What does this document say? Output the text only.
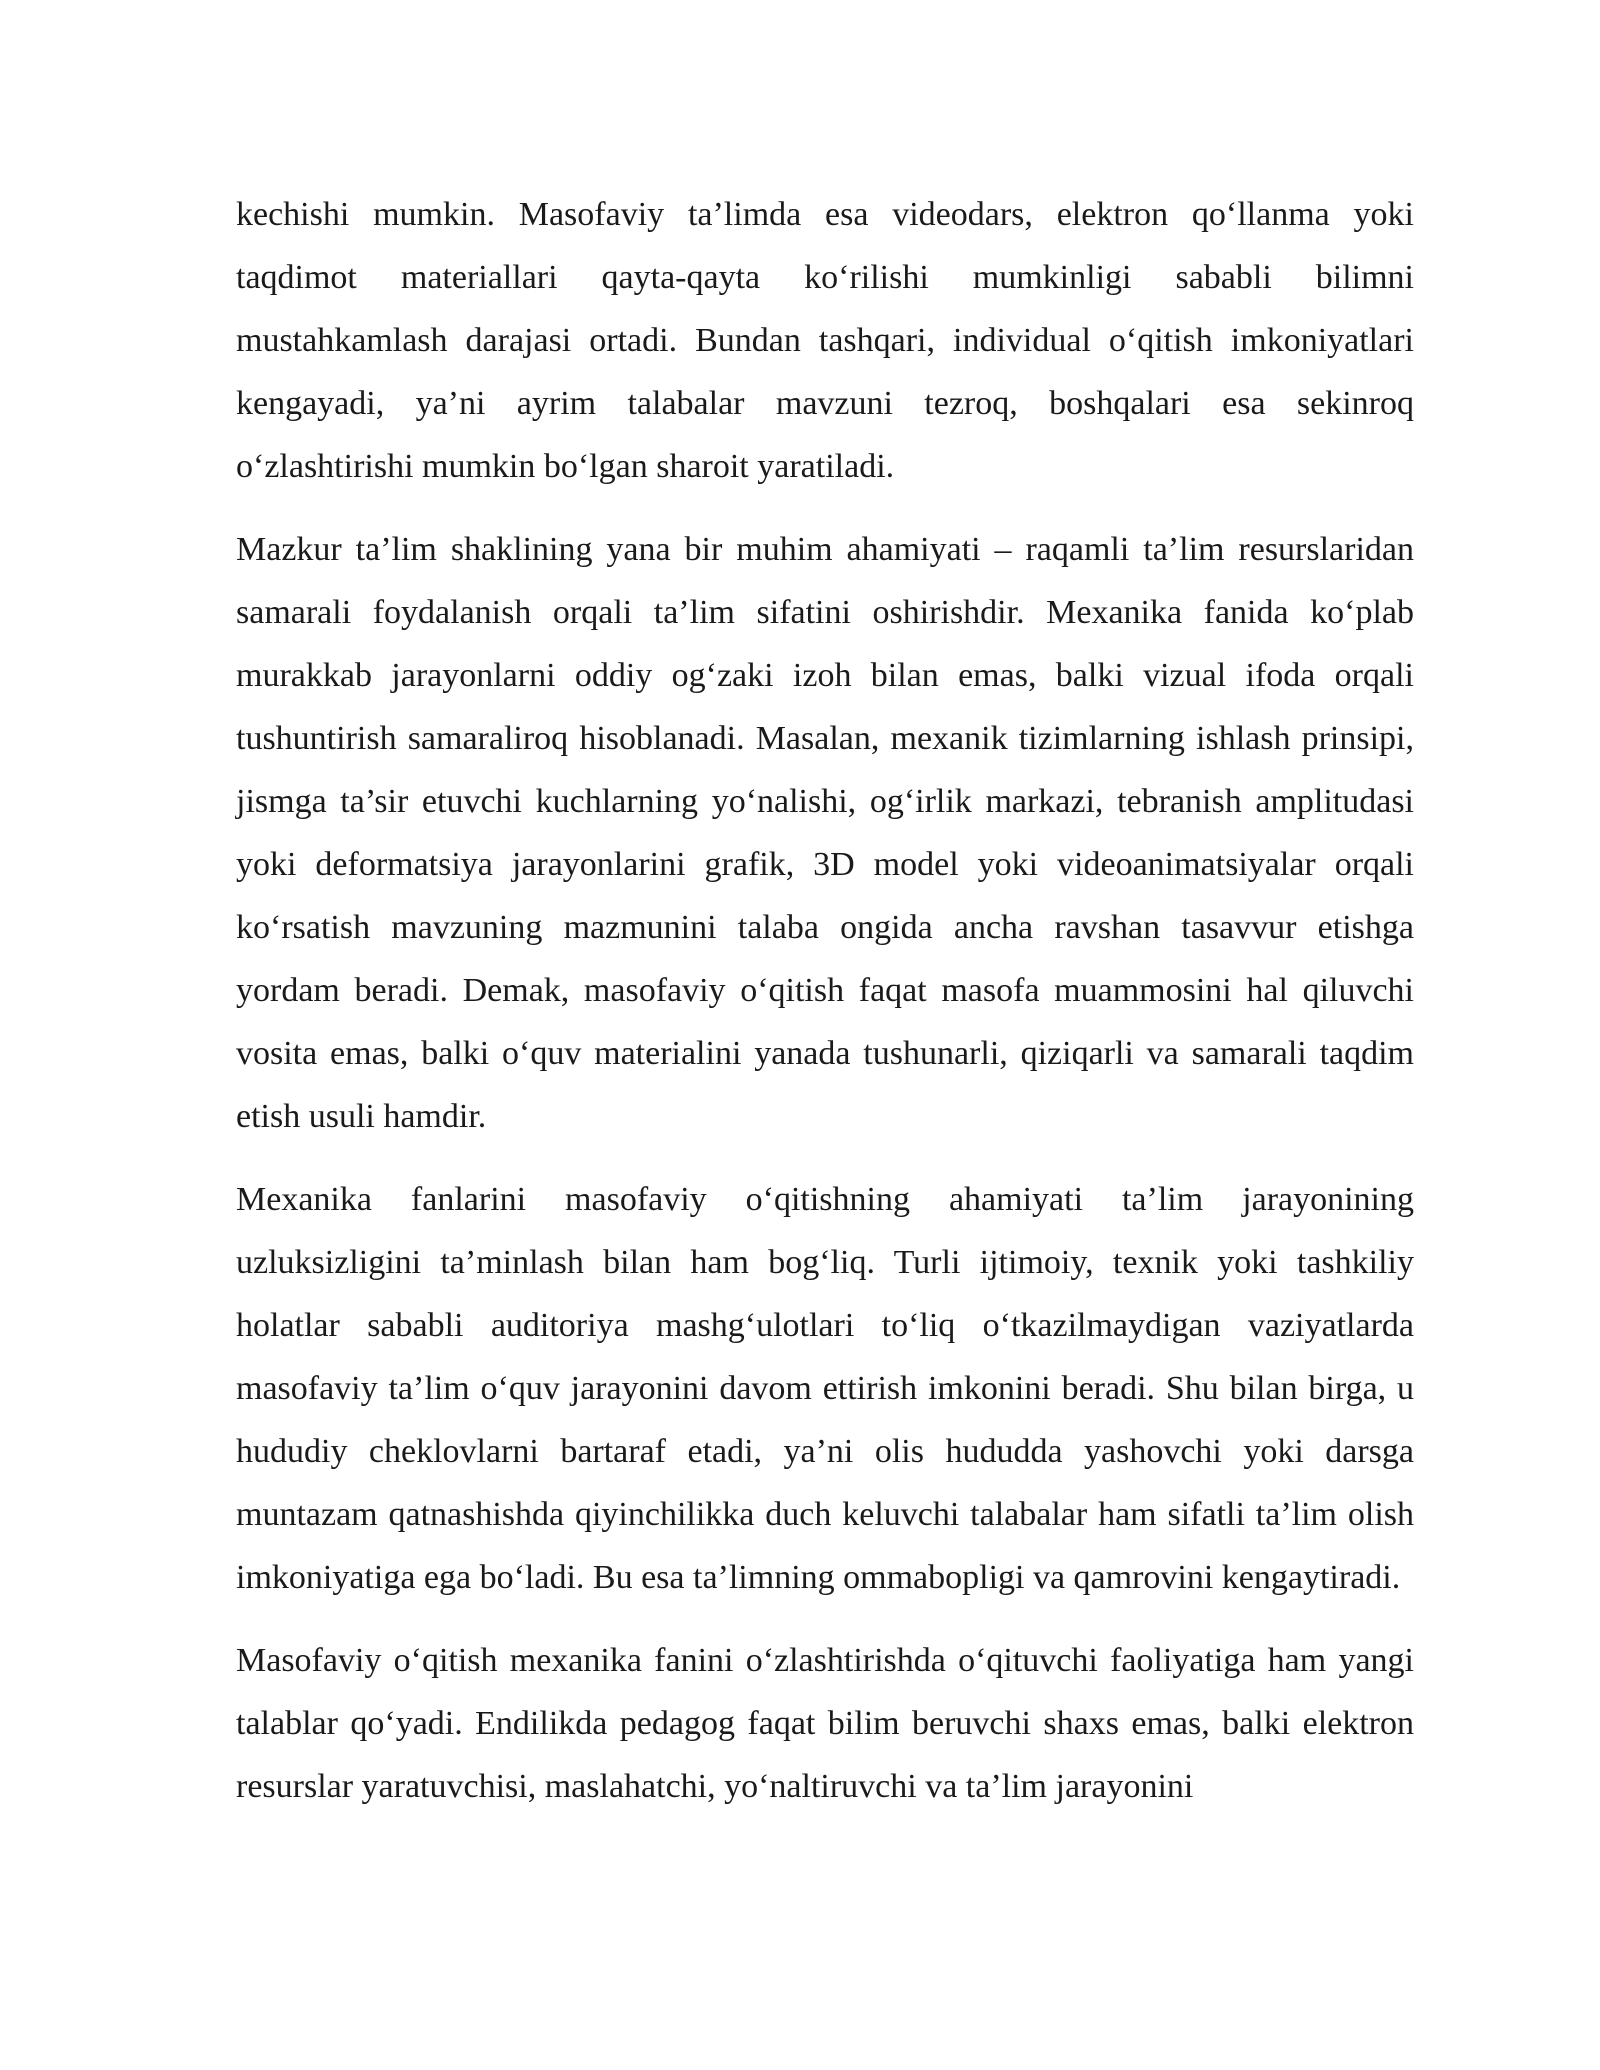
kechishi mumkin. Masofaviy ta’limda esa videodars, elektron qo‘llanma yoki taqdimot materiallari qayta-qayta ko‘rilishi mumkinligi sababli bilimni mustahkamlash darajasi ortadi. Bundan tashqari, individual o‘qitish imkoniyatlari kengayadi, ya’ni ayrim talabalar mavzuni tezroq, boshqalari esa sekinroq o‘zlashtirishi mumkin bo‘lgan sharoit yaratiladi.

Mazkur ta’lim shaklining yana bir muhim ahamiyati – raqamli ta’lim resurslaridan samarali foydalanish orqali ta’lim sifatini oshirishdir. Mexanika fanida ko‘plab murakkab jarayonlarni oddiy og‘zaki izoh bilan emas, balki vizual ifoda orqali tushuntirish samaraliroq hisoblanadi. Masalan, mexanik tizimlarning ishlash prinsipi, jismga ta’sir etuvchi kuchlarning yo‘nalishi, og‘irlik markazi, tebranish amplitudasi yoki deformatsiya jarayonlarini grafik, 3D model yoki videoanimatsiyalar orqali ko‘rsatish mavzuning mazmunini talaba ongida ancha ravshan tasavvur etishga yordam beradi. Demak, masofaviy o‘qitish faqat masofa muammosini hal qiluvchi vosita emas, balki o‘quv materialini yanada tushunarli, qiziqarli va samarali taqdim etish usuli hamdir.

Mexanika fanlarini masofaviy o‘qitishning ahamiyati ta’lim jarayonining uzluksizligini ta’minlash bilan ham bog‘liq. Turli ijtimoiy, texnik yoki tashkiliy holatlar sababli auditoriya mashg‘ulotlari to‘liq o‘tkazilmaydigan vaziyatlarda masofaviy ta’lim o‘quv jarayonini davom ettirish imkonini beradi. Shu bilan birga, u hududiy cheklovlarni bartaraf etadi, ya’ni olis hududda yashovchi yoki darsga muntazam qatnashishda qiyinchilikka duch keluvchi talabalar ham sifatli ta’lim olish imkoniyatiga ega bo‘ladi. Bu esa ta’limning ommabopligi va qamrovini kengaytiradi.

Masofaviy o‘qitish mexanika fanini o‘zlashtirishda o‘qituvchi faoliyatiga ham yangi talablar qo‘yadi. Endilikda pedagog faqat bilim beruvchi shaxs emas, balki elektron resurslar yaratuvchisi, maslahatchi, yo‘naltiruvchi va ta’lim jarayonini
